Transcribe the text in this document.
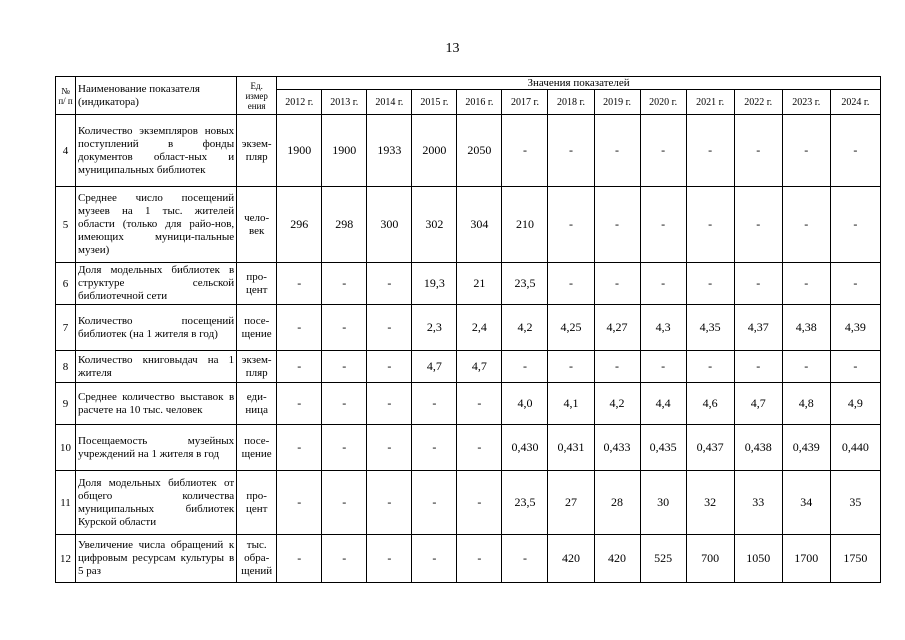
13
№ п/ п	Наименование показателя (индикатора)	Ед. измер ения	Значения показателей												
			2012 г.	2013 г.	2014 г.	2015 г.	2016 г.	2017 г.	2018 г.	2019 г.	2020 г.	2021 г.	2022 г.	2023 г.	2024 г.
4	Количество экземпляров новых поступлений в фонды документов област-ных и муниципальных библиотек	экзем-пляр	1900	1900	1933	2000	2050	-	-	-	-	-	-	-	-
5	Среднее число посещений музеев на 1 тыс. жителей области (только для райо-нов, имеющих муници-пальные музеи)	чело-век	296	298	300	302	304	210	-	-	-	-	-	-	-
6	Доля модельных библиотек в структуре сельской библиотечной сети	про-цент	-	-	-	19,3	21	23,5	-	-	-	-	-	-	-
7	Количество посещений библиотек (на 1 жителя в год)	посе-щение	-	-	-	2,3	2,4	4,2	4,25	4,27	4,3	4,35	4,37	4,38	4,39
8	Количество книговыдач на 1 жителя	экзем-пляр	-	-	-	4,7	4,7	-	-	-	-	-	-	-	-
9	Среднее количество выставок в расчете на 10 тыс. человек	еди-ница	-	-	-	-	-	4,0	4,1	4,2	4,4	4,6	4,7	4,8	4,9
10	Посещаемость музейных учреждений на 1 жителя в год	посе-щение	-	-	-	-	-	0,430	0,431	0,433	0,435	0,437	0,438	0,439	0,440
11	Доля модельных библиотек от общего количества муниципальных библиотек Курской области	про-цент	-	-	-	-	-	23,5	27	28	30	32	33	34	35
12	Увеличение числа обращений к цифровым ресурсам культуры в 5 раз	тыс. обра-щений	-	-	-	-	-	-	420	420	525	700	1050	1700	1750
